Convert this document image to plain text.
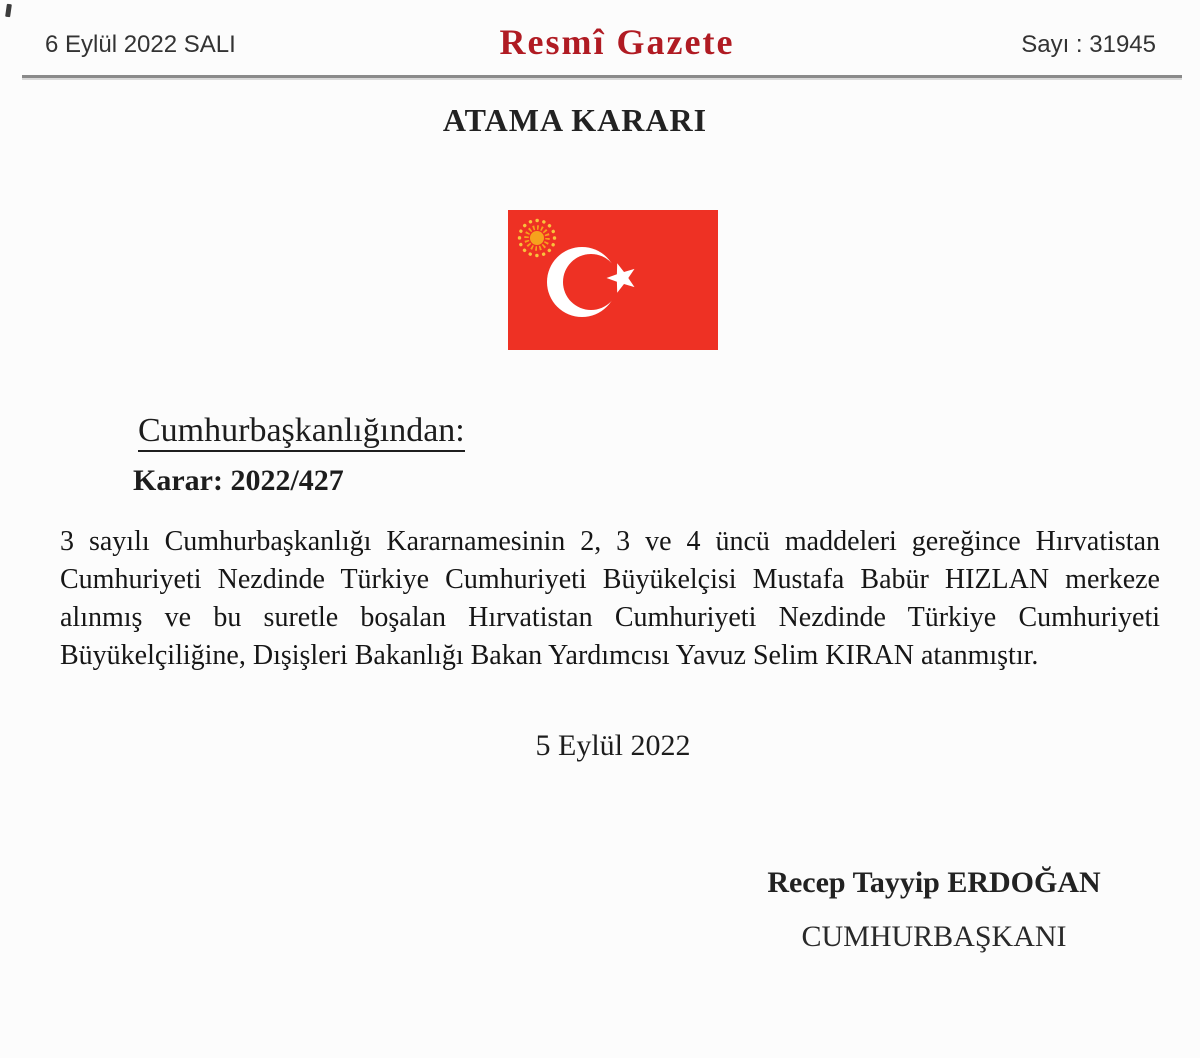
6 Eylül 2022 SALI	Resmî Gazete	Sayı : 31945
ATAMA KARARI
Cumhurbaşkanlığından:
Karar: 2022/427
3 sayılı Cumhurbaşkanlığı Kararnamesinin 2, 3 ve 4 üncü maddeleri gereğince Hırvatistan
Cumhuriyeti Nezdinde Türkiye Cumhuriyeti Büyükelçisi Mustafa Babür HIZLAN merkeze
alınmış ve bu suretle boşalan Hırvatistan Cumhuriyeti Nezdinde Türkiye Cumhuriyeti
Büyükelçiliğine, Dışişleri Bakanlığı Bakan Yardımcısı Yavuz Selim KIRAN atanmıştır.
5 Eylül 2022
Recep Tayyip ERDOĞAN
CUMHURBAŞKANI
